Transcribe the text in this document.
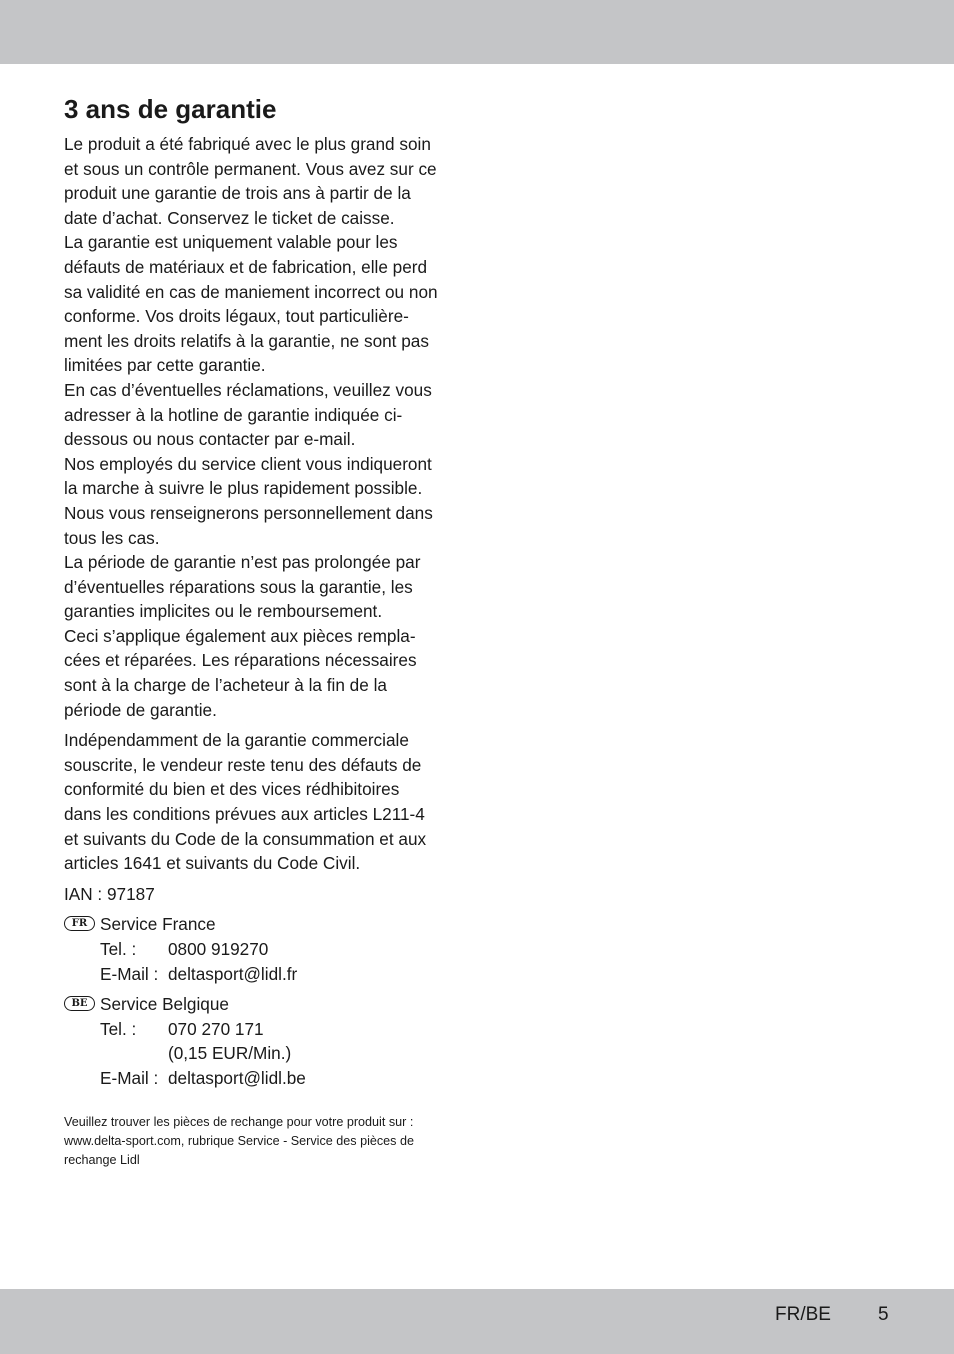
3 ans de garantie

Le produit a été fabriqué avec le plus grand soin

et sous un contrôle permanent. Vous avez sur ce

produit une garantie de trois ans à partir de la

date d’achat. Conservez le ticket de caisse.

La garantie est uniquement valable pour les

défauts de matériaux et de fabrication, elle perd

sa validité en cas de maniement incorrect ou non

conforme. Vos droits légaux, tout particulière-

ment les droits relatifs à la garantie, ne sont pas

limitées par cette garantie.

En cas d’éventuelles réclamations, veuillez vous

adresser à la hotline de garantie indiquée ci-

dessous ou nous contacter par e-mail.

Nos employés du service client vous indiqueront

la marche à suivre le plus rapidement possible.

Nous vous renseignerons personnellement dans

tous les cas.

La période de garantie n’est pas prolongée par

d’éventuelles réparations sous la garantie, les

garanties implicites ou le remboursement.

Ceci s’applique également aux pièces rempla-

cées et réparées. Les réparations nécessaires

sont à la charge de l’acheteur à la fin de la

période de garantie.

Indépendamment de la garantie commerciale

souscrite, le vendeur reste tenu des défauts de

conformité du bien et des vices rédhibitoires

dans les conditions prévues aux articles L211-4

et suivants du Code de la consummation et aux

articles 1641 et suivants du Code Civil.

IAN : 97187

FR Service France
Tel. :	0800 919270
E-Mail : deltasport@lidl.fr
BE Service Belgique
Tel. :	070 270 171
(0,15 EUR/Min.)
E-Mail : deltasport@lidl.be

Veuillez trouver les pièces de rechange pour votre produit sur :

www.delta-sport.com, rubrique Service - Service des pièces de

rechange Lidl

FR/BE 5
